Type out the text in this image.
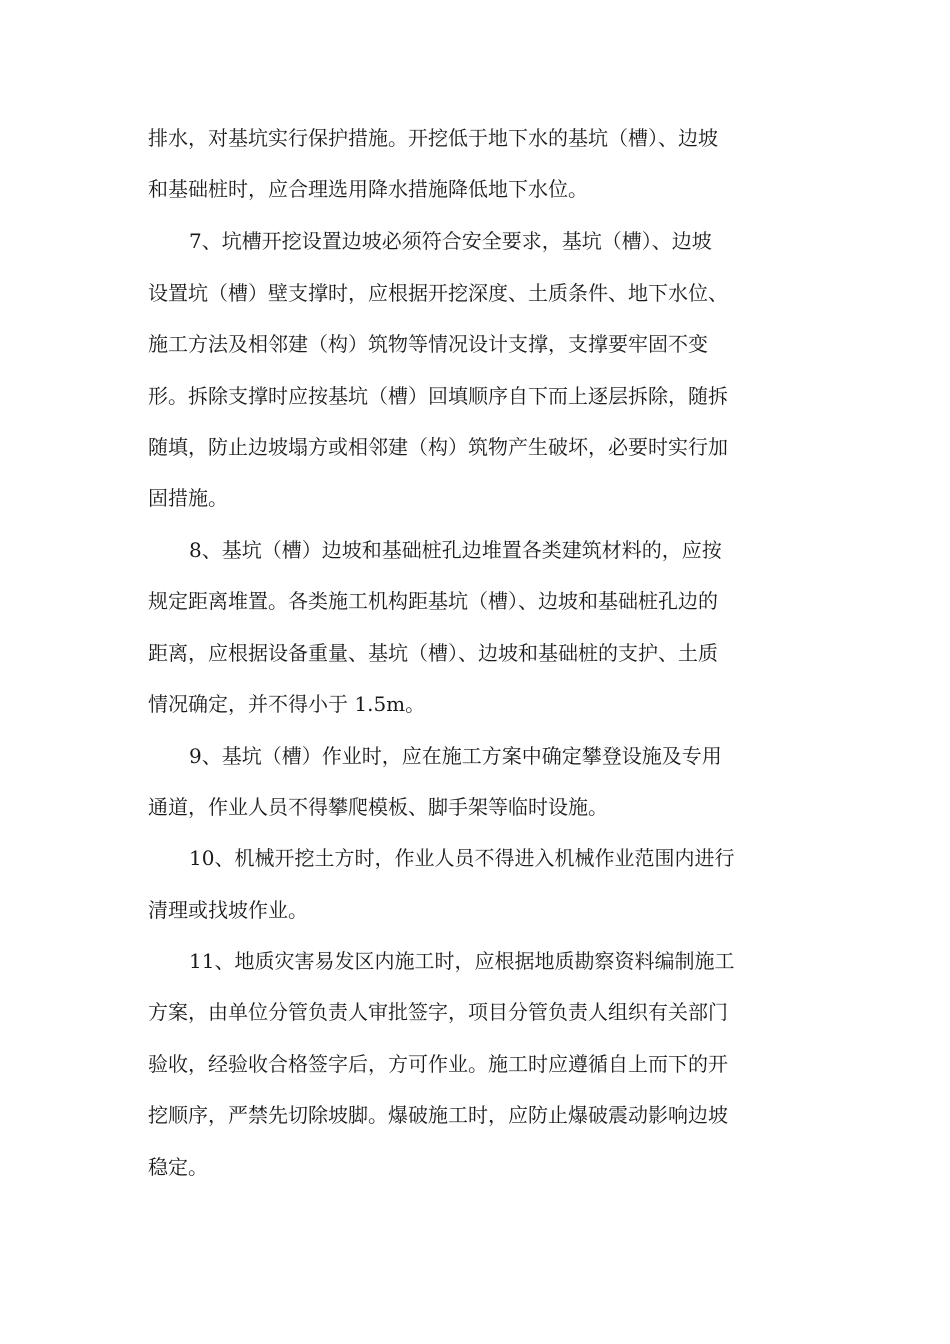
排水，对基坑实行保护措施。开挖低于地下水的基坑（槽）、边坡
和基础桩时，应合理选用降水措施降低地下水位。
7、坑槽开挖设置边坡必须符合安全要求，基坑（槽）、边坡
设置坑（槽）壁支撑时，应根据开挖深度、土质条件、地下水位、
施工方法及相邻建（构）筑物等情况设计支撑，支撑要牢固不变
形。拆除支撑时应按基坑（槽）回填顺序自下而上逐层拆除，随拆
随填，防止边坡塌方或相邻建（构）筑物产生破坏，必要时实行加
固措施。
8、基坑（槽）边坡和基础桩孔边堆置各类建筑材料的，应按
规定距离堆置。各类施工机构距基坑（槽）、边坡和基础桩孔边的
距离，应根据设备重量、基坑（槽）、边坡和基础桩的支护、土质
情况确定，并不得小于 1.5m。
9、基坑（槽）作业时，应在施工方案中确定攀登设施及专用
通道，作业人员不得攀爬模板、脚手架等临时设施。
10、机械开挖土方时，作业人员不得进入机械作业范围内进行
清理或找坡作业。
11、地质灾害易发区内施工时，应根据地质勘察资料编制施工
方案，由单位分管负责人审批签字，项目分管负责人组织有关部门
验收，经验收合格签字后，方可作业。施工时应遵循自上而下的开
挖顺序，严禁先切除坡脚。爆破施工时，应防止爆破震动影响边坡
稳定。
